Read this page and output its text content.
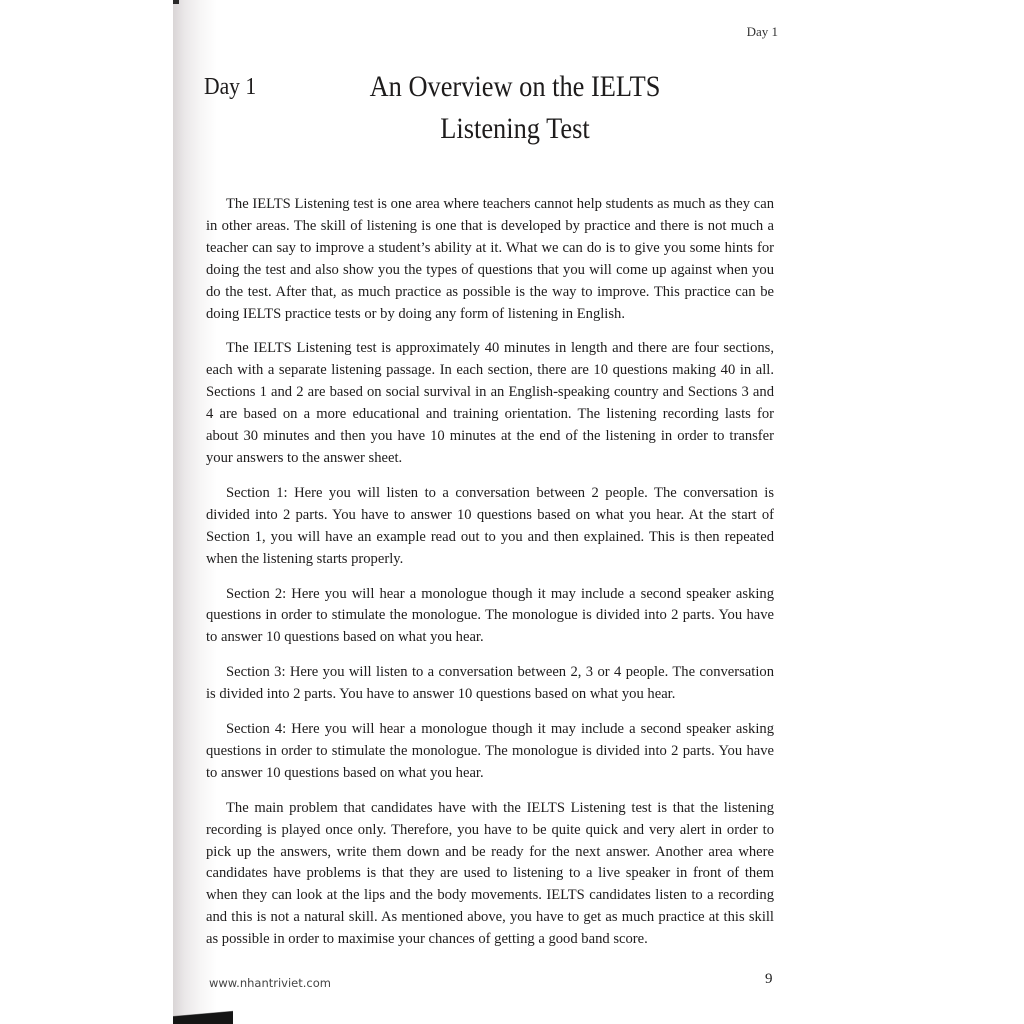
Day 1
Day 1	An Overview on the IELTS
Listening Test

The IELTS Listening test is one area where teachers cannot help students as much as they can in other areas. The skill of listening is one that is developed by practice and there is not much a teacher can say to improve a student’s ability at it. What we can do is to give you some hints for doing the test and also show you the types of questions that you will come up against when you do the test. After that, as much practice as possible is the way to improve. This practice can be doing IELTS practice tests or by doing any form of listening in English.

The IELTS Listening test is approximately 40 minutes in length and there are four sections, each with a separate listening passage. In each section, there are 10 questions making 40 in all. Sections 1 and 2 are based on social survival in an English-speaking country and Sections 3 and 4 are based on a more educational and training orientation. The listening recording lasts for about 30 minutes and then you have 10 minutes at the end of the listening in order to transfer your answers to the answer sheet.

Section 1: Here you will listen to a conversation between 2 people. The conversation is divided into 2 parts. You have to answer 10 questions based on what you hear. At the start of Section 1, you will have an example read out to you and then explained. This is then repeated when the listening starts properly.

Section 2: Here you will hear a monologue though it may include a second speaker asking questions in order to stimulate the monologue. The monologue is divided into 2 parts. You have to answer 10 questions based on what you hear.

Section 3: Here you will listen to a conversation between 2, 3 or 4 people. The conversation is divided into 2 parts. You have to answer 10 questions based on what you hear.

Section 4: Here you will hear a monologue though it may include a second speaker asking questions in order to stimulate the monologue. The monologue is divided into 2 parts. You have to answer 10 questions based on what you hear.

The main problem that candidates have with the IELTS Listening test is that the listening recording is played once only. Therefore, you have to be quite quick and very alert in order to pick up the answers, write them down and be ready for the next answer. Another area where candidates have problems is that they are used to listening to a live speaker in front of them when they can look at the lips and the body movements. IELTS candidates listen to a recording and this is not a natural skill. As mentioned above, you have to get as much practice at this skill as possible in order to maximise your chances of getting a good band score.

www.nhantriviet.com	9
